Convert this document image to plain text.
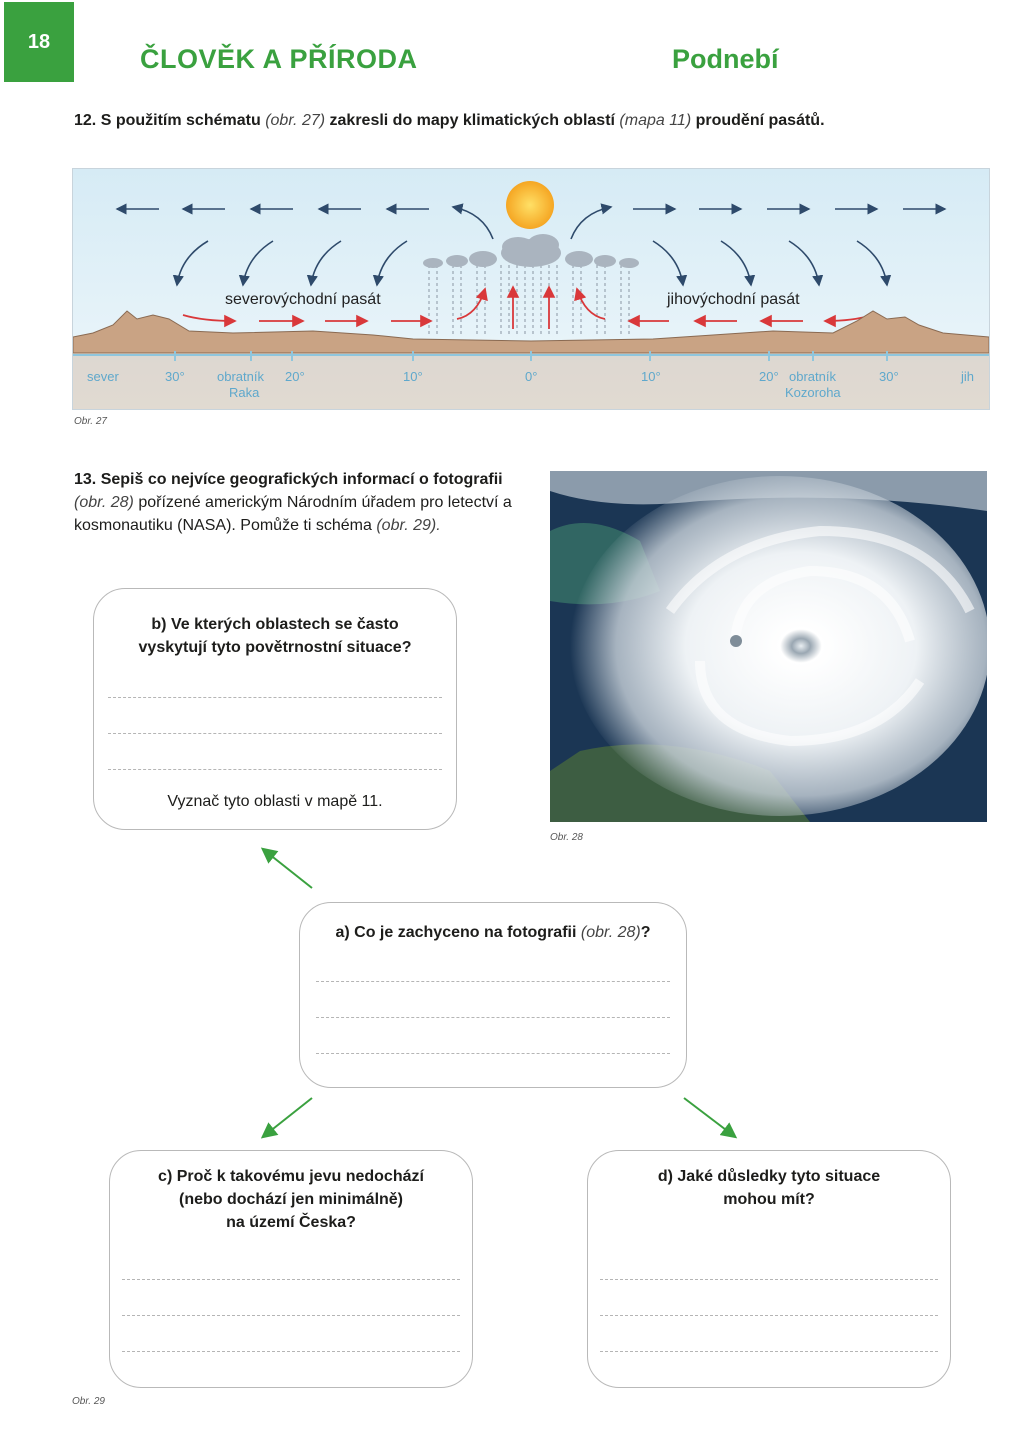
18
ČLOVĚK A PŘÍRODA	Podnebí
12. S použitím schématu (obr. 27) zakresli do mapy klimatických oblastí (mapa 11) proudění pasátů.
severovýchodní pasát	jihovýchodní pasát
sever	30° obratník
Raka
20°	10°	0°	10°	20° obratník
Kozoroha
30°	jih
Obr. 27
13. Sepiš co nejvíce geografických informací o fotografii (obr. 28) pořízené americkým Národním úřadem pro letectví a kosmonautiku (NASA). Pomůže ti schéma (obr. 29).
Obr. 28
b) Ve kterých oblastech se často
vyskytují tyto povětrnostní situace?
Vyznač tyto oblasti v mapě 11.
a) Co je zachyceno na fotografii (obr. 28)?
c) Proč k takovému jevu nedochází
(nebo dochází jen minimálně)
na území Česka?
d) Jaké důsledky tyto situace
mohou mít?
Obr. 29
